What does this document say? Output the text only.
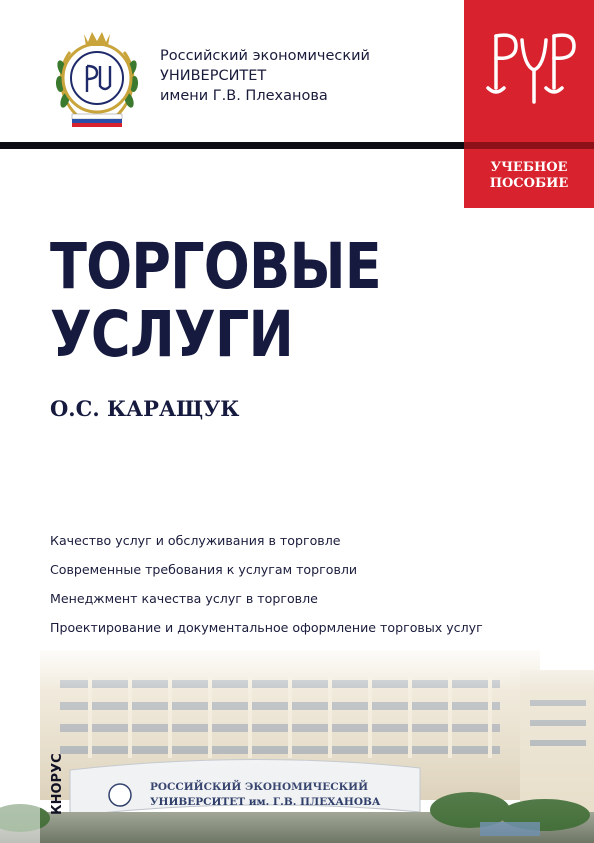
Российский экономический
УНИВЕРСИТЕТ
имени Г.В. Плеханова
УЧЕБНОЕ
ПОСОБИЕ
ТОРГОВЫЕ
УСЛУГИ
О.С. КАРАЩУК
Качество услуг и обслуживания в торговле
Современные требования к услугам торговли
Менеджмент качества услуг в торговле
Проектирование и документальное оформление торговых услуг
КНОРУС
